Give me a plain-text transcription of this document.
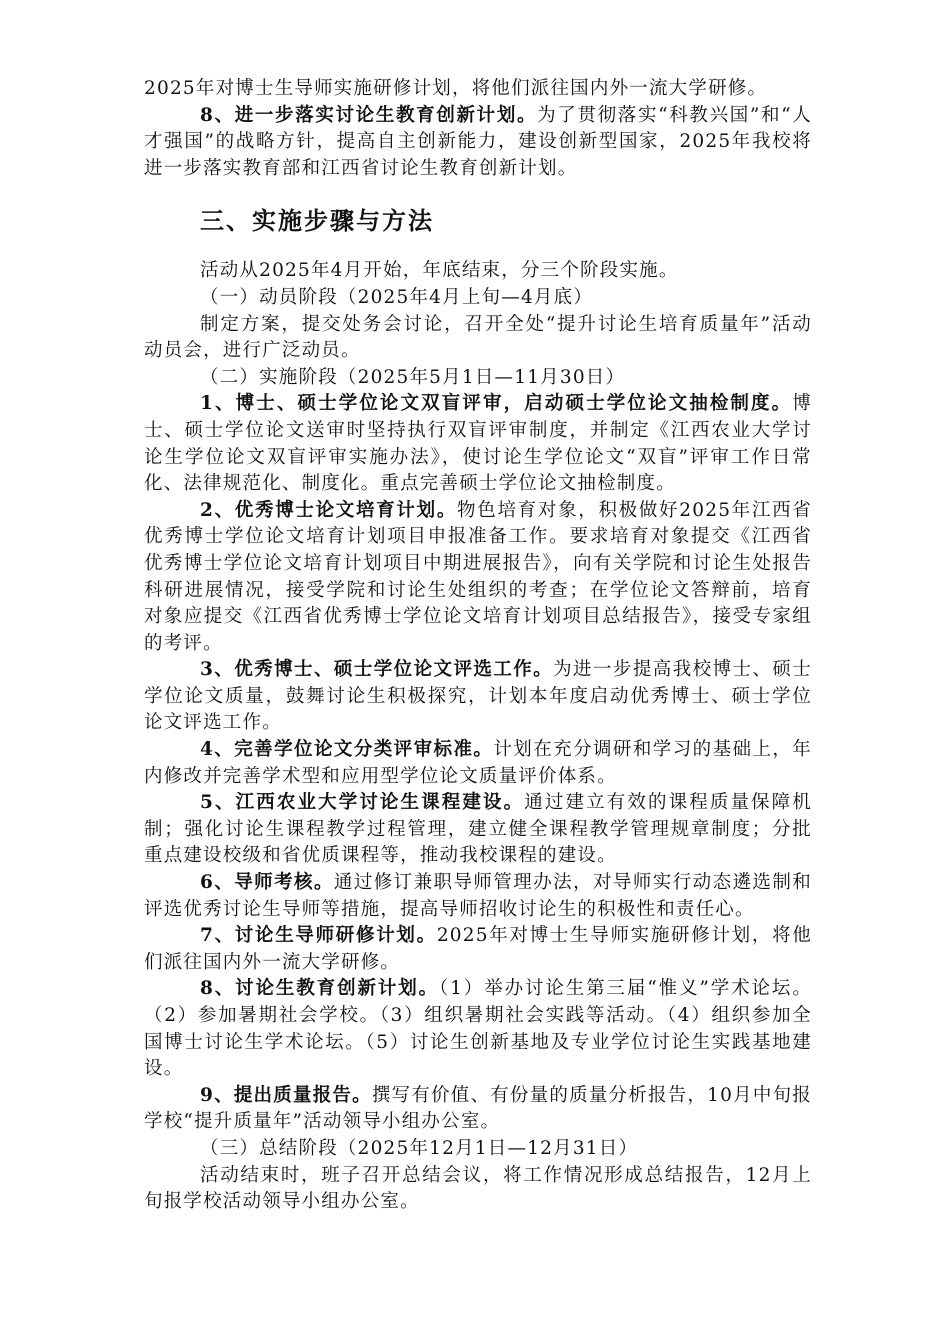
2025年对博士生导师实施研修计划，将他们派往国内外一流大学研修。

8、进一步落实讨论生教育创新计划。为了贯彻落实“科教兴国”和“人才强国”的战略方针，提高自主创新能力，建设创新型国家，2025年我校将进一步落实教育部和江西省讨论生教育创新计划。

三、实施步骤与方法

活动从2025年4月开始，年底结束，分三个阶段实施。

（一）动员阶段（2025年4月上旬—4月底）

制定方案，提交处务会讨论，召开全处“提升讨论生培育质量年”活动动员会，进行广泛动员。

（二）实施阶段（2025年5月1日—11月30日）

1、博士、硕士学位论文双盲评审，启动硕士学位论文抽检制度。博士、硕士学位论文送审时坚持执行双盲评审制度，并制定《江西农业大学讨论生学位论文双盲评审实施办法》，使讨论生学位论文“双盲”评审工作日常化、法律规范化、制度化。重点完善硕士学位论文抽检制度。

2、优秀博士论文培育计划。物色培育对象，积极做好2025年江西省优秀博士学位论文培育计划项目申报准备工作。要求培育对象提交《江西省优秀博士学位论文培育计划项目中期进展报告》，向有关学院和讨论生处报告科研进展情况，接受学院和讨论生处组织的考查；在学位论文答辩前，培育对象应提交《江西省优秀博士学位论文培育计划项目总结报告》，接受专家组的考评。

3、优秀博士、硕士学位论文评选工作。为进一步提高我校博士、硕士学位论文质量，鼓舞讨论生积极探究，计划本年度启动优秀博士、硕士学位论文评选工作。

4、完善学位论文分类评审标准。计划在充分调研和学习的基础上，年内修改并完善学术型和应用型学位论文质量评价体系。

5、江西农业大学讨论生课程建设。通过建立有效的课程质量保障机制；强化讨论生课程教学过程管理，建立健全课程教学管理规章制度；分批重点建设校级和省优质课程等，推动我校课程的建设。

6、导师考核。通过修订兼职导师管理办法，对导师实行动态遴选制和评选优秀讨论生导师等措施，提高导师招收讨论生的积极性和责任心。

7、讨论生导师研修计划。2025年对博士生导师实施研修计划，将他们派往国内外一流大学研修。

8、讨论生教育创新计划。（1）举办讨论生第三届“惟义”学术论坛。（2）参加暑期社会学校。（3）组织暑期社会实践等活动。（4）组织参加全国博士讨论生学术论坛。（5）讨论生创新基地及专业学位讨论生实践基地建设。

9、提出质量报告。撰写有价值、有份量的质量分析报告，10月中旬报学校“提升质量年”活动领导小组办公室。

（三）总结阶段（2025年12月1日—12月31日）

活动结束时，班子召开总结会议，将工作情况形成总结报告，12月上旬报学校活动领导小组办公室。
